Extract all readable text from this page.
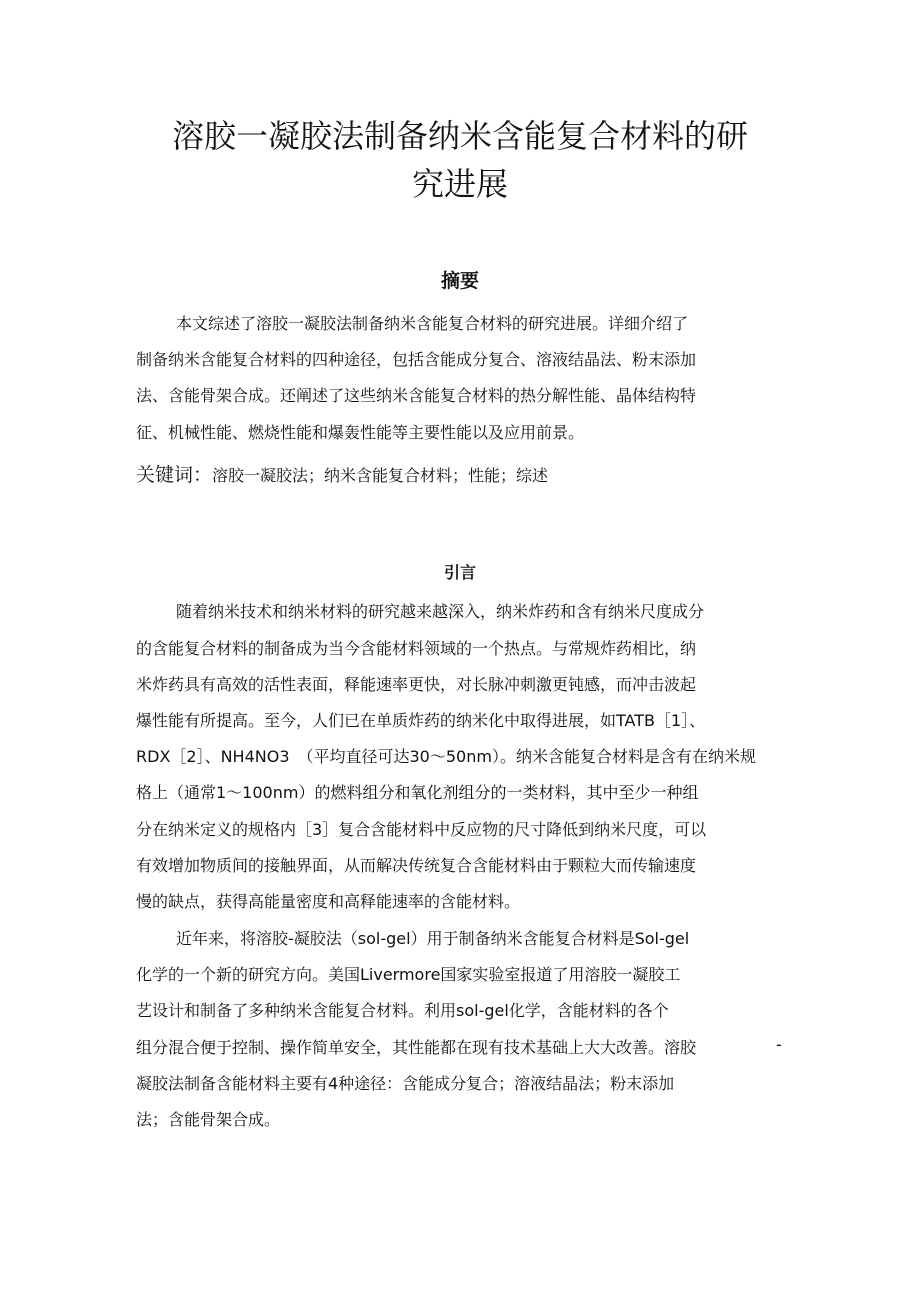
溶胶一凝胶法制备纳米含能复合材料的研
究进展
摘要

本文综述了溶胶一凝胶法制备纳米含能复合材料的研究进展。详细介绍了

制备纳米含能复合材料的四种途径，包括含能成分复合、溶液结晶法、粉末添加

法、含能骨架合成。还阐述了这些纳米含能复合材料的热分解性能、晶体结构特

征、机械性能、燃烧性能和爆轰性能等主要性能以及应用前景。

关键词：溶胶一凝胶法；纳米含能复合材料；性能；综述

引言

随着纳米技术和纳米材料的研究越来越深入，纳米炸药和含有纳米尺度成分

的含能复合材料的制备成为当今含能材料领域的一个热点。与常规炸药相比，纳

米炸药具有高效的活性表面，释能速率更快，对长脉冲刺激更钝感，而冲击波起

爆性能有所提高。至今，人们已在单质炸药的纳米化中取得进展，如TATB［1］、

RDX［2］、NH4NO3　（平均直径可达30～50nm）。纳米含能复合材料是含有在纳米规

格上（通常1～100nm）的燃料组分和氧化剂组分的一类材料，其中至少一种组

分在纳米定义的规格内［3］复合含能材料中反应物的尺寸降低到纳米尺度，可以

有效增加物质间的接触界面，从而解决传统复合含能材料由于颗粒大而传输速度

慢的缺点，获得高能量密度和高释能速率的含能材料。

近年来，将溶胶-凝胶法（sol-gel）用于制备纳米含能复合材料是Sol-gel

化学的一个新的研究方向。美国Livermore国家实验室报道了用溶胶一凝胶工

艺设计和制备了多种纳米含能复合材料。利用sol-gel化学，含能材料的各个

组分混合便于控制、操作简单安全，其性能都在现有技术基础上大大改善。溶胶	-

凝胶法制备含能材料主要有4种途径：含能成分复合；溶液结晶法；粉末添加

法；含能骨架合成。
